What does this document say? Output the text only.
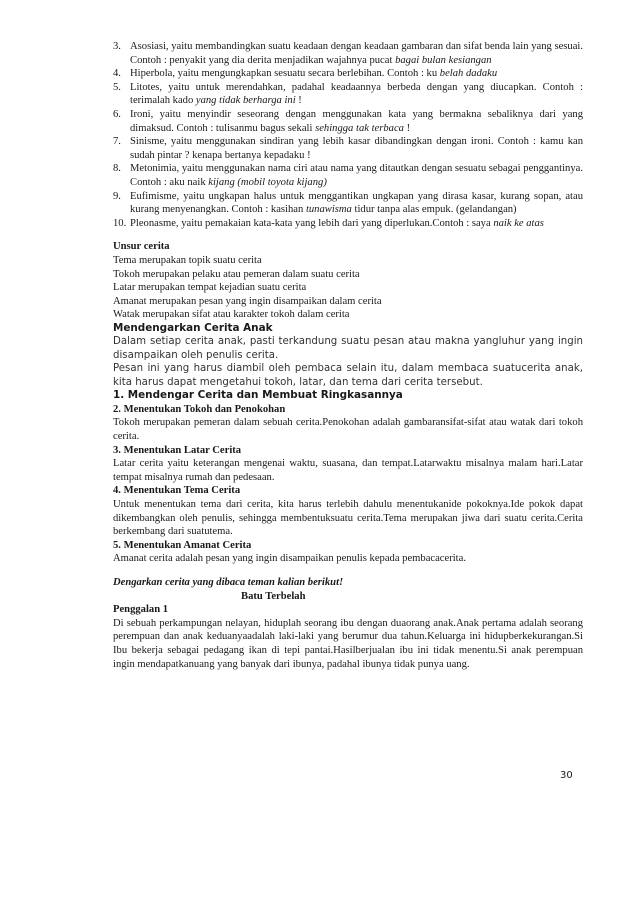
3. Asosiasi, yaitu membandingkan suatu keadaan dengan keadaan gambaran dan sifat benda lain yang sesuai. Contoh : penyakit yang dia derita menjadikan wajahnya pucat bagai bulan kesiangan
4. Hiperbola, yaitu mengungkapkan sesuatu secara berlebihan. Contoh : ku belah dadaku
5. Litotes, yaitu untuk merendahkan, padahal keadaannya berbeda dengan yang diucapkan. Contoh : terimalah kado yang tidak berharga ini !
6. Ironi, yaitu menyindir seseorang dengan menggunakan kata yang bermakna sebaliknya dari yang dimaksud. Contoh : tulisanmu bagus sekali sehingga tak terbaca !
7. Sinisme, yaitu menggunakan sindiran yang lebih kasar dibandingkan dengan ironi. Contoh : kamu kan sudah pintar ? kenapa bertanya kepadaku !
8. Metonimia, yaitu menggunakan nama ciri atau nama yang ditautkan dengan sesuatu sebagai penggantinya. Contoh : aku naik kijang (mobil toyota kijang)
9. Eufimisme, yaitu ungkapan halus untuk menggantikan ungkapan yang dirasa kasar, kurang sopan, atau kurang menyenangkan. Contoh : kasihan tunawisma tidur tanpa alas empuk. (gelandangan)
10. Pleonasme, yaitu pemakaian kata-kata yang lebih dari yang diperlukan.Contoh : saya naik ke atas
Unsur cerita

Tema merupakan topik suatu cerita

Tokoh merupakan pelaku atau pemeran dalam suatu cerita

Latar merupakan tempat kejadian suatu cerita

Amanat merupakan pesan yang ingin disampaikan dalam cerita

Watak merupakan sifat atau karakter tokoh dalam cerita

Mendengarkan Cerita Anak

Dalam setiap cerita anak, pasti terkandung suatu pesan atau makna yangluhur yang ingin disampaikan oleh penulis cerita.

Pesan ini yang harus diambil oleh pembaca selain itu, dalam membaca suatucerita anak, kita harus dapat mengetahui tokoh, latar, dan tema dari cerita tersebut.

1. Mendengar Cerita dan Membuat Ringkasannya
2. Menentukan Tokoh dan Penokohan

Tokoh merupakan pemeran dalam sebuah cerita.Penokohan adalah gambaransifat-sifat atau watak dari tokoh cerita.

3. Menentukan Latar Cerita

Latar cerita yaitu keterangan mengenai waktu, suasana, dan tempat.Latarwaktu misalnya malam hari.Latar tempat misalnya rumah dan pedesaan.

4. Menentukan Tema Cerita

Untuk menentukan tema dari cerita, kita harus terlebih dahulu menentukanide pokoknya.Ide pokok dapat dikembangkan oleh penulis, sehingga membentuksuatu cerita.Tema merupakan jiwa dari suatu cerita.Cerita berkembang dari suatutema.

5. Menentukan Amanat Cerita

Amanat cerita adalah pesan yang ingin disampaikan penulis kepada pembacacerita.

Dengarkan cerita yang dibaca teman kalian berikut!
Batu Terbelah
Penggalan 1

Di sebuah perkampungan nelayan, hiduplah seorang ibu dengan duaorang anak.Anak pertama adalah seorang perempuan dan anak keduanyaadalah laki-laki yang berumur dua tahun.Keluarga ini hidupberkekurangan.Si Ibu bekerja sebagai pedagang ikan di tepi pantai.Hasilberjualan ibu ini tidak menentu.Si anak perempuan ingin mendapatkanuang yang banyak dari ibunya, padahal ibunya tidak punya uang.

30
